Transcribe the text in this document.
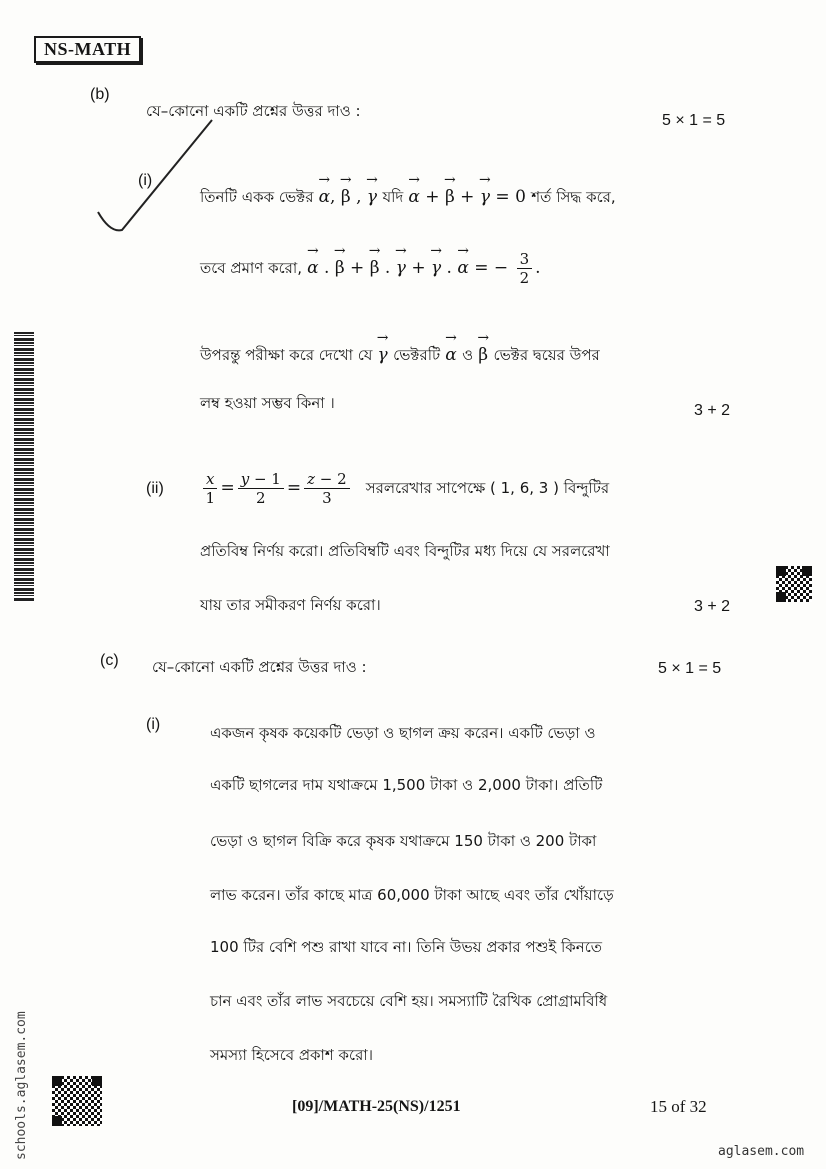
NS-MATH
schools.aglasem.com
(b)
যে–কোনো একটি প্রশ্নের উত্তর দাও :
5 × 1 = 5
(i)
তিনটি একক ভেক্টর → α, → β , → γ যদি → α + → β + → γ = 0 শর্ত সিদ্ধ করে,
তবে প্রমাণ করো, → α . → β + → β . → γ + → γ . → α = − $\frac{3}{2}$ .
উপরন্তু পরীক্ষা করে দেখো যে → γ ভেক্টরটি → α ও → β ভেক্টর দ্বয়ের উপর
লম্ব হওয়া সম্ভব কিনা ।	3 + 2
(ii)	$\frac{x}{1} = \frac{y - 1}{2} = \frac{z - 2}{3}$ সরলরেখার সাপেক্ষে ( 1, 6, 3 ) বিন্দুটির
প্রতিবিম্ব নির্ণয় করো। প্রতিবিম্বটি এবং বিন্দুটির মধ্য দিয়ে যে সরলরেখা
যায় তার সমীকরণ নির্ণয় করো।	3 + 2
(c) যে–কোনো একটি প্রশ্নের উত্তর দাও :	5 × 1 = 5
(i)	একজন কৃষক কয়েকটি ভেড়া ও ছাগল ক্রয় করেন। একটি ভেড়া ও
একটি ছাগলের দাম যথাক্রমে 1,500 টাকা ও 2,000 টাকা। প্রতিটি
ভেড়া ও ছাগল বিক্রি করে কৃষক যথাক্রমে 150 টাকা ও 200 টাকা
লাভ করেন। তাঁর কাছে মাত্র 60,000 টাকা আছে এবং তাঁর খোঁয়াড়ে
100 টির বেশি পশু রাখা যাবে না। তিনি উভয় প্রকার পশুই কিনতে
চান এবং তাঁর লাভ সবচেয়ে বেশি হয়। সমস্যাটি রৈখিক প্রোগ্রামবিধি
সমস্যা হিসেবে প্রকাশ করো।
[09]/MATH-25(NS)/1251	15 of 32
aglasem.com
